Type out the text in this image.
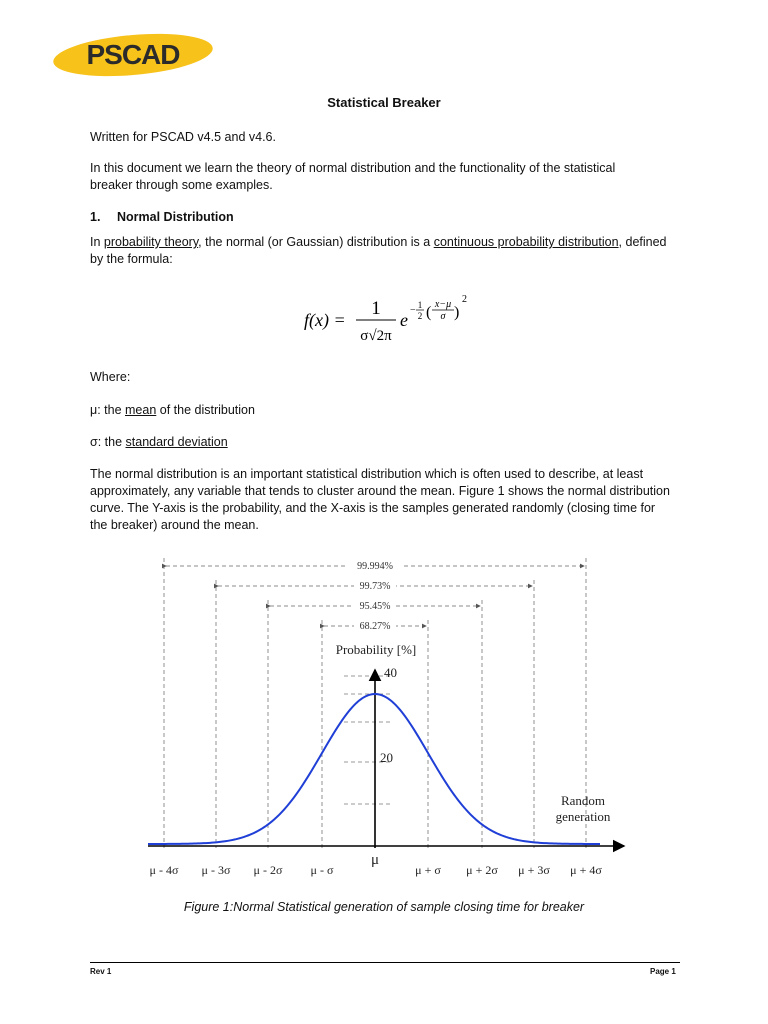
PSCAD
Statistical Breaker
Written for PSCAD v4.5 and v4.6.
In this document we learn the theory of normal distribution and the functionality of the statistical breaker through some examples.
1. Normal Distribution
In probability theory, the normal (or Gaussian) distribution is a continuous probability distribution, defined by the formula:
f(x) =
1
σ√2π
e − 1
2 ( x−μ
σ )
2
Where:
μ: the mean of the distribution
σ: the standard deviation
The normal distribution is an important statistical distribution which is often used to describe, at least approximately, any variable that tends to cluster around the mean. Figure 1 shows the normal distribution curve. The Y-axis is the probability, and the X-axis is the samples generated randomly (closing time for the breaker) around the mean.
99.994%
99.73%
95.45%
68.27%
Probability [%]
40
20
Random
generation
μ - 4σ μ - 3σ μ - 2σ μ - σ
μ
μ + σ μ + 2σ μ + 3σ μ + 4σ
Figure 1:Normal Statistical generation of sample closing time for breaker
Rev 1	Page 1
